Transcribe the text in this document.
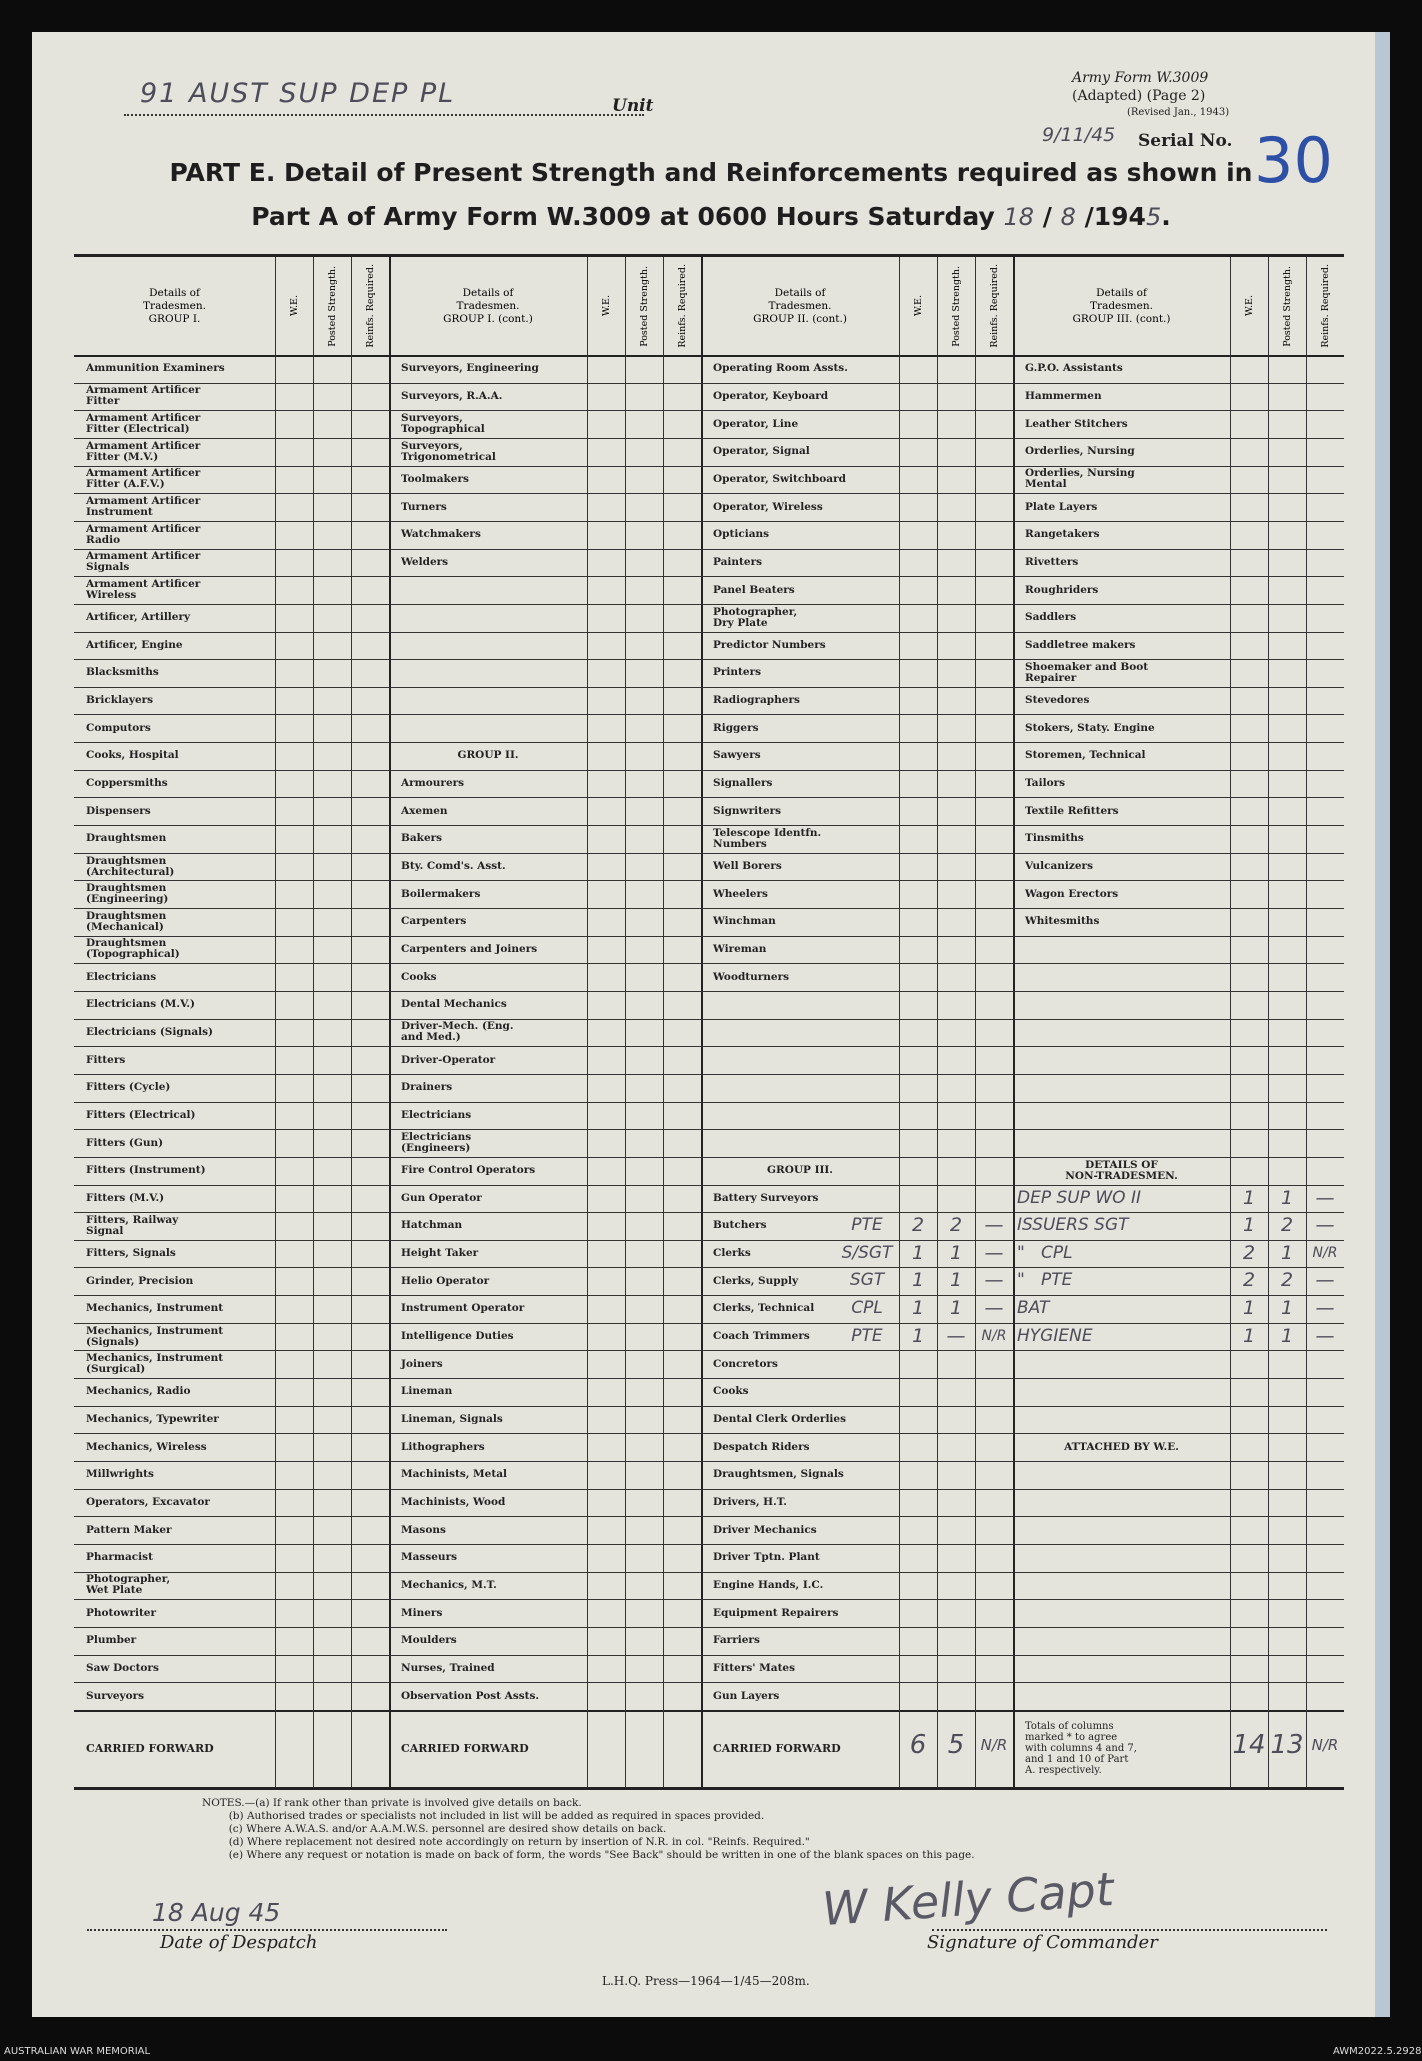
91 AUST SUP DEP PL	Unit
Army Form W.3009
(Adapted) (Page 2)
(Revised Jan., 1943)
9/11/45 Serial No. 30
PART E. Detail of Present Strength and Reinforcements required as shown in
Part A of Army Form W.3009 at 0600 Hours Saturday 18 / 8 /1945.
Details of
Tradesmen.
GROUP I.
W.E.	Posted Strength.	Reinfs. Required.
Ammunition Examiners
Armament Artificer
Fitter
Armament Artificer
Fitter (Electrical)
Armament Artificer
Fitter (M.V.)
Armament Artificer
Fitter (A.F.V.)
Armament Artificer
Instrument
Armament Artificer
Radio
Armament Artificer
Signals
Armament Artificer
Wireless
Artificer, Artillery
Artificer, Engine
Blacksmiths
Bricklayers
Computors
Cooks, Hospital
Coppersmiths
Dispensers
Draughtsmen
Draughtsmen
(Architectural)
Draughtsmen
(Engineering)
Draughtsmen
(Mechanical)
Draughtsmen
(Topographical)
Electricians
Electricians (M.V.)
Electricians (Signals)
Fitters
Fitters (Cycle)
Fitters (Electrical)
Fitters (Gun)
Fitters (Instrument)
Fitters (M.V.)
Fitters, Railway
Signal
Fitters, Signals
Grinder, Precision
Mechanics, Instrument
Mechanics, Instrument
(Signals)
Mechanics, Instrument
(Surgical)
Mechanics, Radio
Mechanics, Typewriter
Mechanics, Wireless
Millwrights
Operators, Excavator
Pattern Maker
Pharmacist
Photographer,
Wet Plate
Photowriter
Plumber
Saw Doctors
Surveyors
CARRIED FORWARD
Details of
Tradesmen.
GROUP I. (cont.)
W.E.	Posted Strength.	Reinfs. Required.
Surveyors, Engineering
Surveyors, R.A.A.
Surveyors,
Topographical
Surveyors,
Trigonometrical
Toolmakers
Turners
Watchmakers
Welders
GROUP II.
Armourers
Axemen
Bakers
Bty. Comd's. Asst.
Boilermakers
Carpenters
Carpenters and Joiners
Cooks
Dental Mechanics
Driver-Mech. (Eng.
and Med.)
Driver-Operator
Drainers
Electricians
Electricians
(Engineers)
Fire Control Operators
Gun Operator
Hatchman
Height Taker
Helio Operator
Instrument Operator
Intelligence Duties
Joiners
Lineman
Lineman, Signals
Lithographers
Machinists, Metal
Machinists, Wood
Masons
Masseurs
Mechanics, M.T.
Miners
Moulders
Nurses, Trained
Observation Post Assts.
CARRIED FORWARD
Details of
Tradesmen.
GROUP II. (cont.)
W.E.	Posted Strength.	Reinfs. Required.
Operating Room Assts.
Operator, Keyboard
Operator, Line
Operator, Signal
Operator, Switchboard
Operator, Wireless
Opticians
Painters
Panel Beaters
Photographer,
Dry Plate
Predictor Numbers
Printers
Radiographers
Riggers
Sawyers
Signallers
Signwriters
Telescope Identfn.
Numbers
Well Borers
Wheelers
Winchman
Wireman
Woodturners
GROUP III.
Battery Surveyors
Butchers	PTE	2	2	—
Clerks	S/SGT	1	1	—
Clerks, Supply	SGT	1	1	—
Clerks, Technical	CPL	1	1	—
Coach Trimmers	PTE	1	—	N/R
Concretors
Cooks
Dental Clerk Orderlies
Despatch Riders
Draughtsmen, Signals
Drivers, H.T.
Driver Mechanics
Driver Tptn. Plant
Engine Hands, I.C.
Equipment Repairers
Farriers
Fitters' Mates
Gun Layers
CARRIED FORWARD	6 5	N/R
Details of
Tradesmen.
GROUP III. (cont.)
W.E.	Posted Strength.	Reinfs. Required.
G.P.O. Assistants
Hammermen
Leather Stitchers
Orderlies, Nursing
Orderlies, Nursing
Mental
Plate Layers
Rangetakers
Rivetters
Roughriders
Saddlers
Saddletree makers
Shoemaker and Boot
Repairer
Stevedores
Stokers, Staty. Engine
Storemen, Technical
Tailors
Textile Refitters
Tinsmiths
Vulcanizers
Wagon Erectors
Whitesmiths
DETAILS OF
NON-TRADESMEN.
DEP SUP WO II	1	1	—
ISSUERS SGT	1	2	—
"   CPL	2	1	N/R
"   PTE	2	2	—
BAT	1	1	—
HYGIENE	1	1	—
ATTACHED BY W.E.
Totals of columns
marked * to agree
with columns 4 and 7,
and 1 and 10 of Part
A. respectively.
14 13 N/R
NOTES.—(a) If rank other than private is involved give details on back.
(b) Authorised trades or specialists not included in list will be added as required in spaces provided.
(c) Where A.W.A.S. and/or A.A.M.W.S. personnel are desired show details on back.
(d) Where replacement not desired note accordingly on return by insertion of N.R. in col. "Reinfs. Required."
(e) Where any request or notation is made on back of form, the words "See Back" should be written in one of the blank spaces on this page.
18 Aug 45
Date of Despatch
W Kelly Capt
Signature of Commander
L.H.Q. Press—1964—1/45—208m.
AUSTRALIAN WAR MEMORIAL	AWM2022.5.2928
